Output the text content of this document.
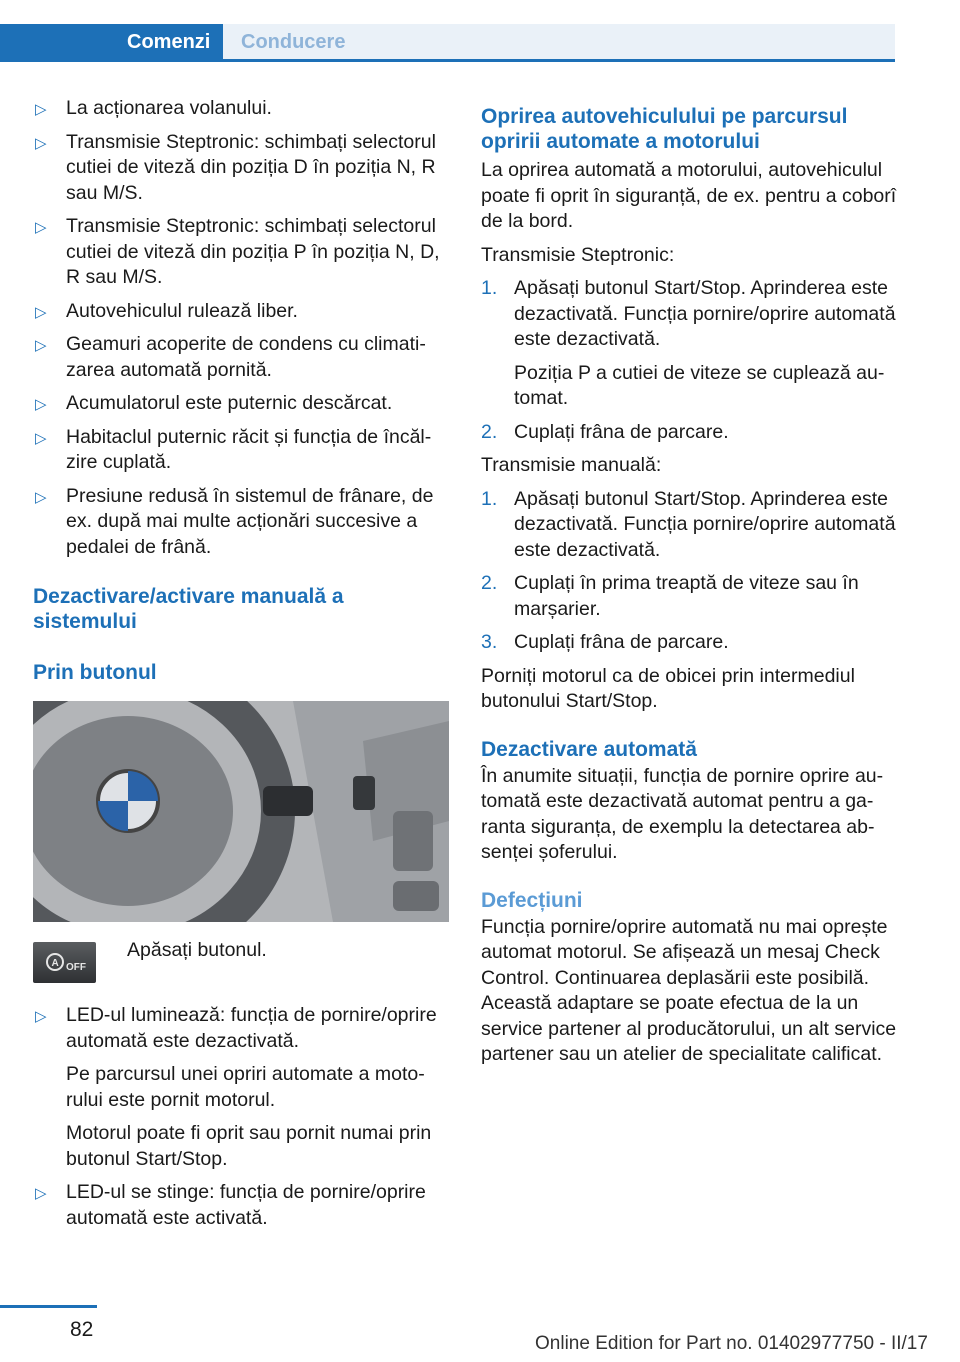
Comenzi	Conducere
▷ La acționarea volanului.

▷ Transmisie Steptronic: schimbați selectorul cutiei de viteză din poziția D în poziția N, R sau M/S.

▷ Transmisie Steptronic: schimbați selectorul cutiei de viteză din poziția P în poziția N, D, R sau M/S.

▷ Autovehiculul rulează liber.

▷ Geamuri acoperite de condens cu climatizarea automată pornită.

▷ Acumulatorul este puternic descărcat.

▷ Habitaclul puternic răcit și funcția de încălzire cuplată.

▷ Presiune redusă în sistemul de frânare, de ex. după mai multe acționări succesive a pedalei de frână.

Dezactivare/activare manuală a sistemului
Prin butonul
A OFF

Apăsați butonul.

▷ LED-ul luminează: funcția de pornire/oprire automată este dezactivată.

Pe parcursul unei opriri automate a motorului este pornit motorul.

Motorul poate fi oprit sau pornit numai prin butonul Start/Stop.

▷ LED-ul se stinge: funcția de pornire/oprire automată este activată.

Oprirea autovehiculului pe parcursul opririi automate a motorului

La oprirea automată a motorului, autovehiculul poate fi oprit în siguranță, de ex. pentru a coborî de la bord.

Transmisie Steptronic:

1. Apăsați butonul Start/Stop. Aprinderea este dezactivată. Funcția pornire/oprire automată este dezactivată.

Poziția P a cutiei de viteze se cuplează automat.

2. Cuplați frâna de parcare.

Transmisie manuală:

1. Apăsați butonul Start/Stop. Aprinderea este dezactivată. Funcția pornire/oprire automată este dezactivată.

2. Cuplați în prima treaptă de viteze sau în marșarier.

3. Cuplați frâna de parcare.

Porniți motorul ca de obicei prin intermediul butonului Start/Stop.

Dezactivare automată

În anumite situații, funcția de pornire oprire automată este dezactivată automat pentru a garanta siguranța, de exemplu la detectarea absenței șoferului.

Defecțiuni

Funcția pornire/oprire automată nu mai oprește automat motorul. Se afișează un mesaj Check Control. Continuarea deplasării este posibilă. Această adaptare se poate efectua de la un service partener al producătorului, un alt service partener sau un atelier de specialitate calificat.

82
Online Edition for Part no. 01402977750 - II/17
